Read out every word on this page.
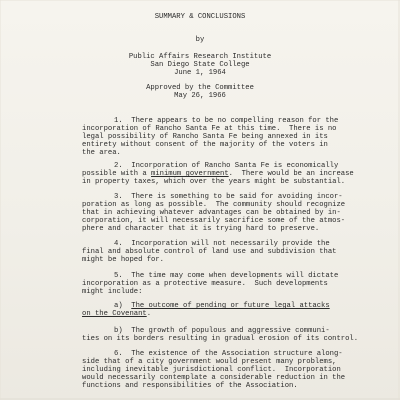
SUMMARY & CONCLUSIONS
by
Public Affairs Research Institute
San Diego State College
June 1, 1964
Approved by the Committee
May 26, 1966
1.  There appears to be no compelling reason for the
incorporation of Rancho Santa Fe at this time.  There is no
legal possibility of Rancho Santa Fe being annexed in its
entirety without consent of the majority of the voters in
the area.
2.  Incorporation of Rancho Santa Fe is economically
possible with a minimum government.  There would be an increase
in property taxes, which over the years might be substantial.
3.  There is something to be said for avoiding incor-
poration as long as possible.  The community should recognize
that in achieving whatever advantages can be obtained by in-
corporation, it will necessarily sacrifice some of the atmos-
phere and character that it is trying hard to preserve.
4.  Incorporation will not necessarily provide the
final and absolute control of land use and subdivision that
might be hoped for.
5.  The time may come when developments will dictate
incorporation as a protective measure.  Such developments
might include:
a)  The outcome of pending or future legal attacks
on the Covenant.
b)  The growth of populous and aggressive communi-
ties on its borders resulting in gradual erosion of its control.
6.  The existence of the Association structure along-
side that of a city government would present many problems,
including inevitable jurisdictional conflict.  Incorporation
would necessarily contemplate a considerable reduction in the
functions and responsibilities of the Association.
